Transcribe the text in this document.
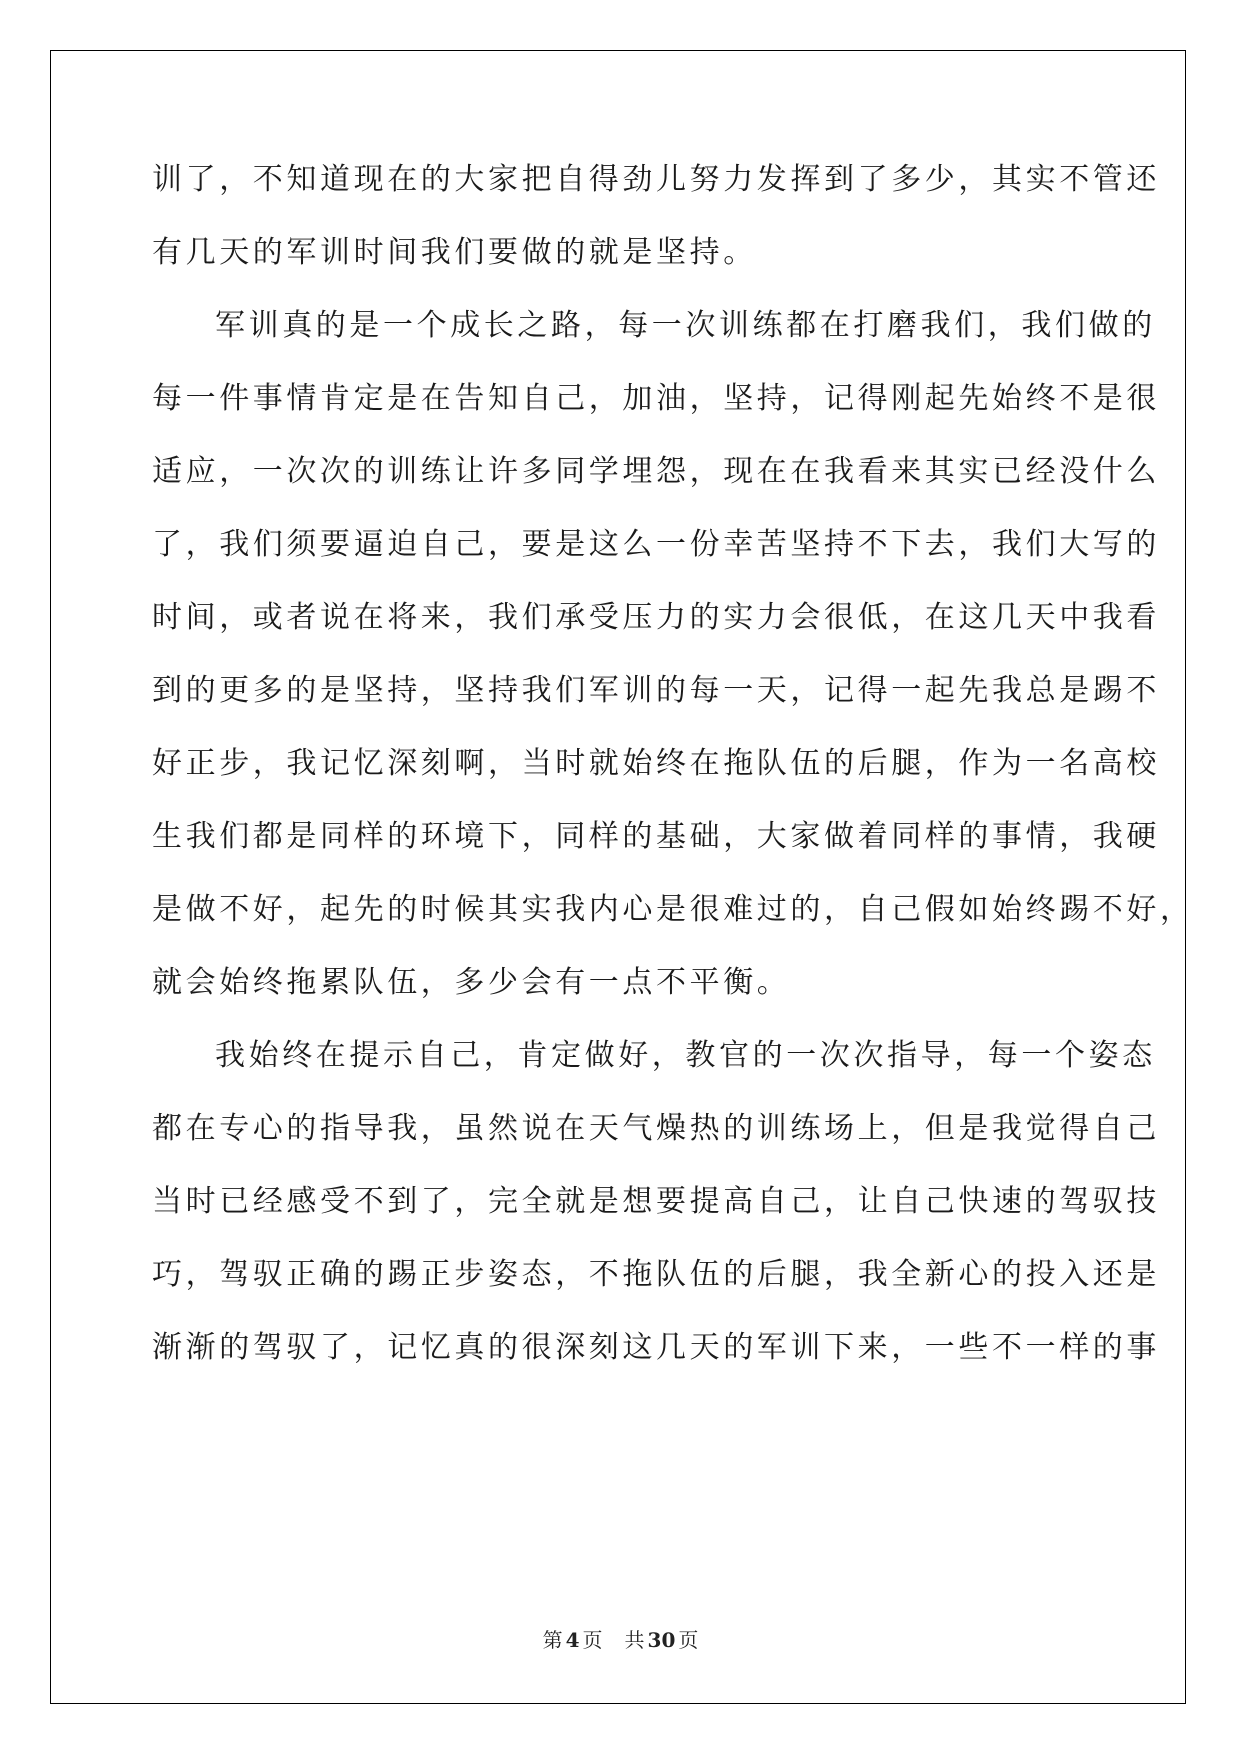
训了，不知道现在的大家把自得劲儿努力发挥到了多少，其实不管还
有几天的军训时间我们要做的就是坚持。
军训真的是一个成长之路，每一次训练都在打磨我们，我们做的
每一件事情肯定是在告知自己，加油，坚持，记得刚起先始终不是很
适应，一次次的训练让许多同学埋怨，现在在我看来其实已经没什么
了，我们须要逼迫自己，要是这么一份幸苦坚持不下去，我们大写的
时间，或者说在将来，我们承受压力的实力会很低，在这几天中我看
到的更多的是坚持，坚持我们军训的每一天，记得一起先我总是踢不
好正步，我记忆深刻啊，当时就始终在拖队伍的后腿，作为一名高校
生我们都是同样的环境下，同样的基础，大家做着同样的事情，我硬
是做不好，起先的时候其实我内心是很难过的，自己假如始终踢不好，
就会始终拖累队伍，多少会有一点不平衡。
我始终在提示自己，肯定做好，教官的一次次指导，每一个姿态
都在专心的指导我，虽然说在天气燥热的训练场上，但是我觉得自己
当时已经感受不到了，完全就是想要提高自己，让自己快速的驾驭技
巧，驾驭正确的踢正步姿态，不拖队伍的后腿，我全新心的投入还是
渐渐的驾驭了，记忆真的很深刻这几天的军训下来，一些不一样的事
第 4 页 共 30 页
